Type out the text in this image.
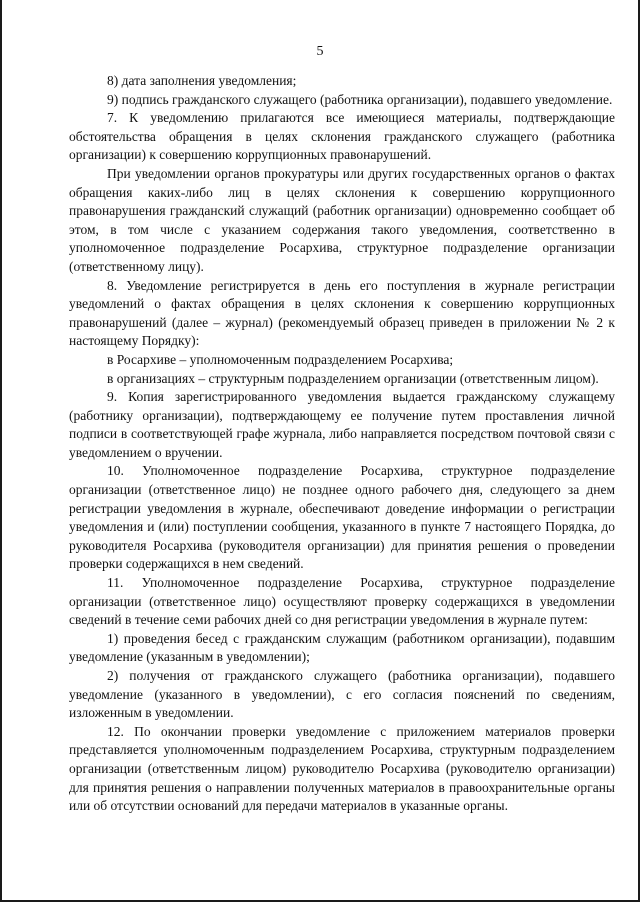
5

8) дата заполнения уведомления;

9) подпись гражданского служащего (работника организации), подавшего уведомление.

7. К уведомлению прилагаются все имеющиеся материалы, подтверждающие обстоятельства обращения в целях склонения гражданского служащего (работника организации) к совершению коррупционных правонарушений.

При уведомлении органов прокуратуры или других государственных органов о фактах обращения каких-либо лиц в целях склонения к совершению коррупционного правонарушения гражданский служащий (работник организации) одновременно сообщает об этом, в том числе с указанием содержания такого уведомления, соответственно в уполномоченное подразделение Росархива, структурное подразделение организации (ответственному лицу).

8. Уведомление регистрируется в день его поступления в журнале регистрации уведомлений о фактах обращения в целях склонения к совершению коррупционных правонарушений (далее – журнал) (рекомендуемый образец приведен в приложении № 2 к настоящему Порядку):

в Росархиве – уполномоченным подразделением Росархива;

в организациях – структурным подразделением организации (ответственным лицом).

9. Копия зарегистрированного уведомления выдается гражданскому служащему (работнику организации), подтверждающему ее получение путем проставления личной подписи в соответствующей графе журнала, либо направляется посредством почтовой связи с уведомлением о вручении.

10. Уполномоченное подразделение Росархива, структурное подразделение организации (ответственное лицо) не позднее одного рабочего дня, следующего за днем регистрации уведомления в журнале, обеспечивают доведение информации о регистрации уведомления и (или) поступлении сообщения, указанного в пункте 7 настоящего Порядка, до руководителя Росархива (руководителя организации) для принятия решения о проведении проверки содержащихся в нем сведений.

11. Уполномоченное подразделение Росархива, структурное подразделение организации (ответственное лицо) осуществляют проверку содержащихся в уведомлении сведений в течение семи рабочих дней со дня регистрации уведомления в журнале путем:

1) проведения бесед с гражданским служащим (работником организации), подавшим уведомление (указанным в уведомлении);

2) получения от гражданского служащего (работника организации), подавшего уведомление (указанного в уведомлении), с его согласия пояснений по сведениям, изложенным в уведомлении.

12. По окончании проверки уведомление с приложением материалов проверки представляется уполномоченным подразделением Росархива, структурным подразделением организации (ответственным лицом) руководителю Росархива (руководителю организации) для принятия решения о направлении полученных материалов в правоохранительные органы или об отсутствии оснований для передачи материалов в указанные органы.
